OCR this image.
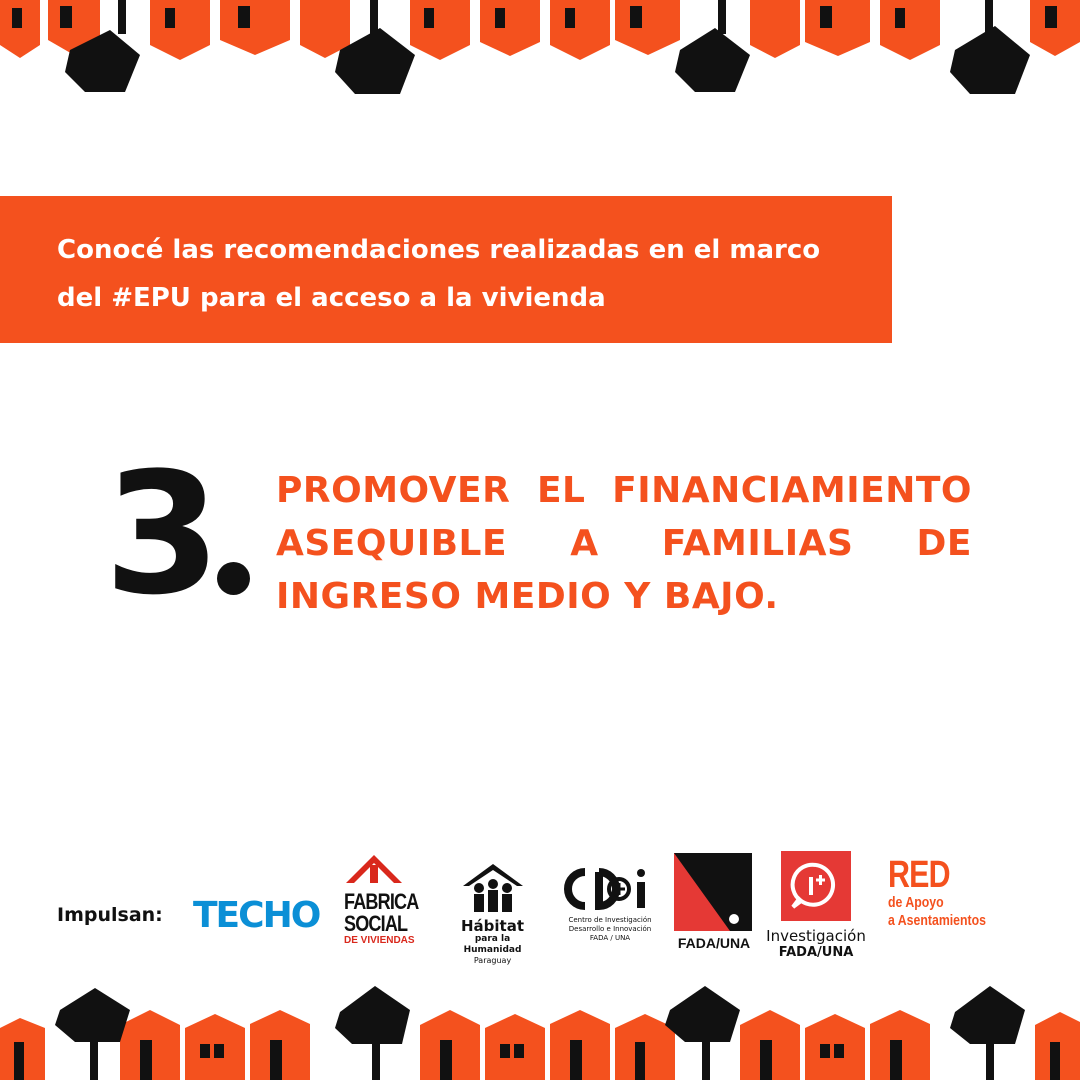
Conocé las recomendaciones realizadas en el marco del #EPU para el acceso a la vivienda

3 PROMOVER EL FINANCIAMIENTO ASEQUIBLE A FAMILIAS DE INGRESO MEDIO Y BAJO.

Impulsan: TECHO FABRICA
SOCIAL
DE VIVIENDAS
Hábitat
para la Humanidad
Paraguay
Centro de Investigación
Desarrollo e Innovación
FADA / UNA	FADA/UNA Investigación
FADA/UNA
RED
de Apoyo
a Asentamientos
